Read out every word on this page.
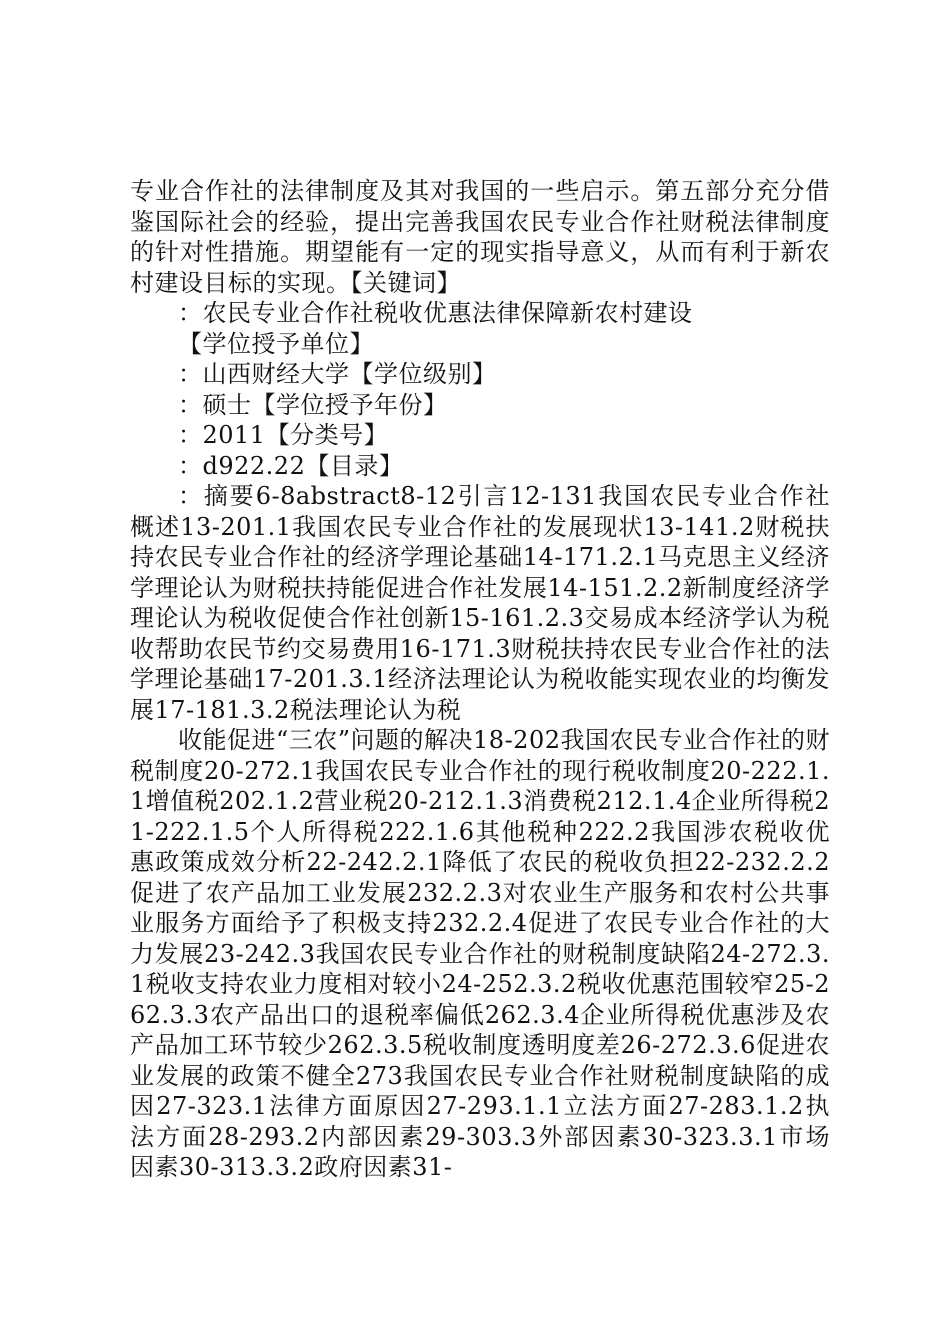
专业合作社的法律制度及其对我国的一些启示。第五部分充分借鉴国际社会的经验，提出完善我国农民专业合作社财税法律制度的针对性措施。期望能有一定的现实指导意义，从而有利于新农村建设目标的实现。【关键词】

：农民专业合作社税收优惠法律保障新农村建设

【学位授予单位】

：山西财经大学【学位级别】

：硕士【学位授予年份】

：2011【分类号】

：d922.22【目录】

：摘要6-8abstract8-12引言12-131我国农民专业合作社概述13-201.1我国农民专业合作社的发展现状13-141.2财税扶持农民专业合作社的经济学理论基础14-171.2.1马克思主义经济学理论认为财税扶持能促进合作社发展14-151.2.2新制度经济学理论认为税收促使合作社创新15-161.2.3交易成本经济学认为税收帮助农民节约交易费用16-171.3财税扶持农民专业合作社的法学理论基础17-201.3.1经济法理论认为税收能实现农业的均衡发展17-181.3.2税法理论认为税

收能促进“三农”问题的解决18-202我国农民专业合作社的财税制度20-272.1我国农民专业合作社的现行税收制度20-222.1.1增值税202.1.2营业税20-212.1.3消费税212.1.4企业所得税21-222.1.5个人所得税222.1.6其他税种222.2我国涉农税收优惠政策成效分析22-242.2.1降低了农民的税收负担22-232.2.2促进了农产品加工业发展232.2.3对农业生产服务和农村公共事业服务方面给予了积极支持232.2.4促进了农民专业合作社的大力发展23-242.3我国农民专业合作社的财税制度缺陷24-272.3.1税收支持农业力度相对较小24-252.3.2税收优惠范围较窄25-262.3.3农产品出口的退税率偏低262.3.4企业所得税优惠涉及农产品加工环节较少262.3.5税收制度透明度差26-272.3.6促进农业发展的政策不健全273我国农民专业合作社财税制度缺陷的成因27-323.1法律方面原因27-293.1.1立法方面27-283.1.2执法方面28-293.2内部因素29-303.3外部因素30-323.3.1市场因素30-313.3.2政府因素31-
